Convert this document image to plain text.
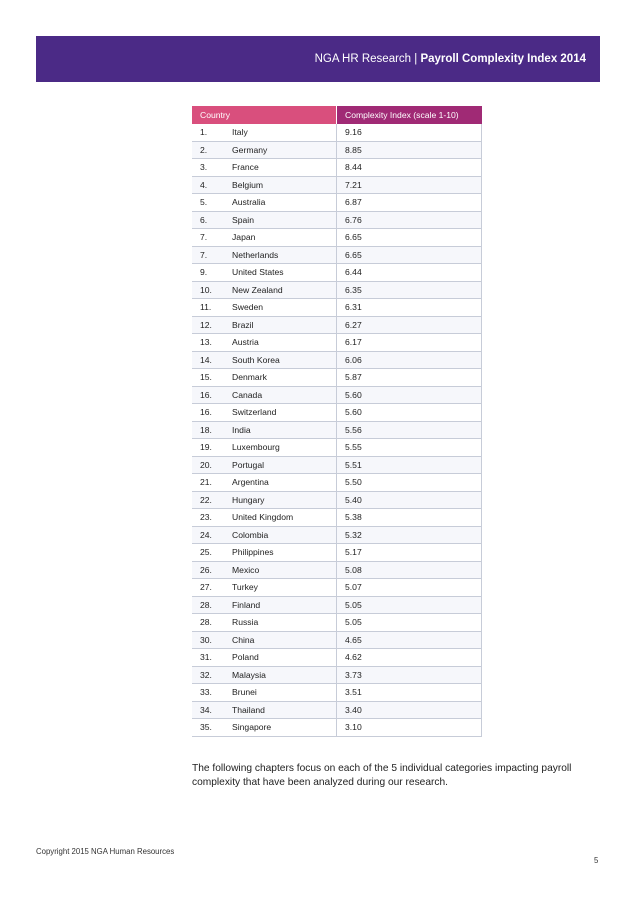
NGA HR Research | Payroll Complexity Index 2014
Country	Complexity Index (scale 1-10)
1. Italy	9.16
2. Germany	8.85
3. France	8.44
4. Belgium	7.21
5. Australia	6.87
6. Spain	6.76
7. Japan	6.65
7. Netherlands	6.65
9. United States	6.44
10. New Zealand	6.35
11. Sweden	6.31
12. Brazil	6.27
13. Austria	6.17
14. South Korea	6.06
15. Denmark	5.87
16. Canada	5.60
16. Switzerland	5.60
18. India	5.56
19. Luxembourg	5.55
20. Portugal	5.51
21. Argentina	5.50
22. Hungary	5.40
23. United Kingdom	5.38
24. Colombia	5.32
25. Philippines	5.17
26. Mexico	5.08
27. Turkey	5.07
28. Finland	5.05
28. Russia	5.05
30. China	4.65
31. Poland	4.62
32. Malaysia	3.73
33. Brunei	3.51
34. Thailand	3.40
35. Singapore	3.10
The following chapters focus on each of the 5 individual categories impacting payroll complexity that have been analyzed during our research.
Copyright 2015 NGA Human Resources
5
